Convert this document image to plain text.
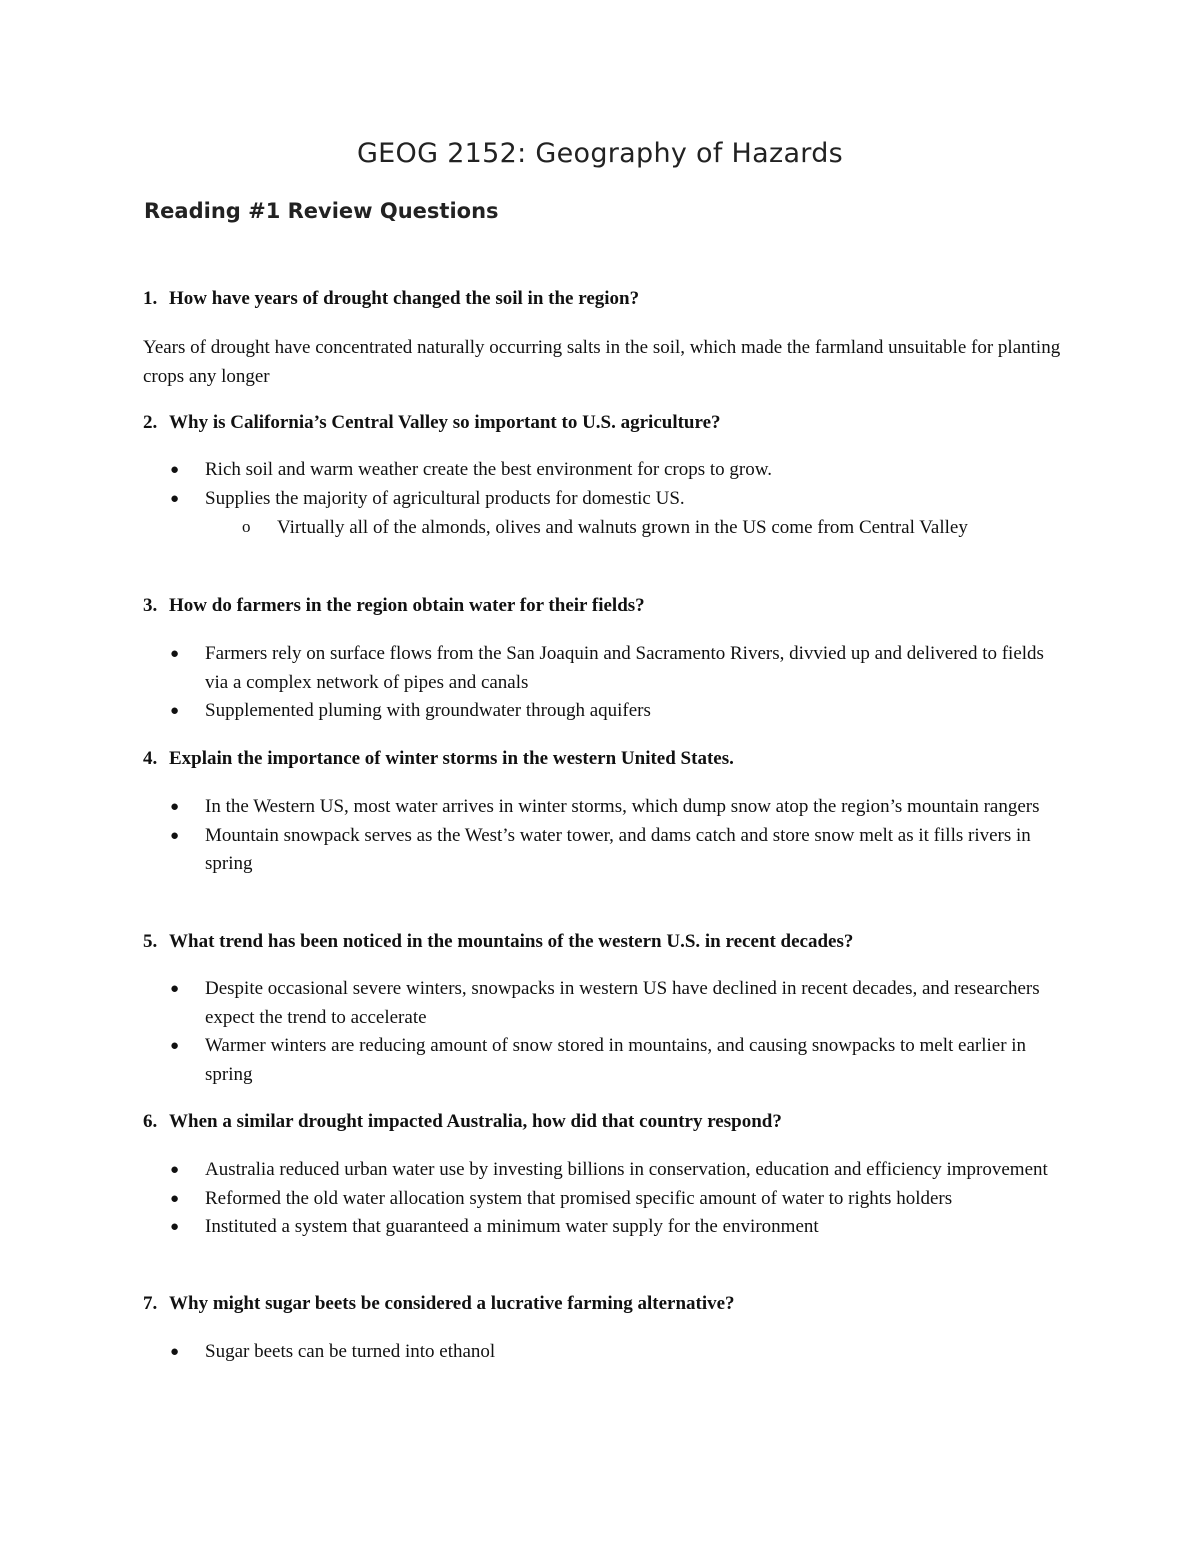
GEOG 2152: Geography of Hazards
Reading #1 Review Questions
1. How have years of drought changed the soil in the region?
Years of drought have concentrated naturally occurring salts in the soil, which made the farmland unsuitable for planting crops any longer
2. Why is California’s Central Valley so important to U.S. agriculture?
● Rich soil and warm weather create the best environment for crops to grow.
● Supplies the majority of agricultural products for domestic US.
o Virtually all of the almonds, olives and walnuts grown in the US come from Central Valley
3. How do farmers in the region obtain water for their fields?
● Farmers rely on surface flows from the San Joaquin and Sacramento Rivers, divvied up and delivered to fields via a complex network of pipes and canals
● Supplemented pluming with groundwater through aquifers
4. Explain the importance of winter storms in the western United States.
● In the Western US, most water arrives in winter storms, which dump snow atop the region’s mountain rangers
● Mountain snowpack serves as the West’s water tower, and dams catch and store snow melt as it fills rivers in spring
5. What trend has been noticed in the mountains of the western U.S. in recent decades?
● Despite occasional severe winters, snowpacks in western US have declined in recent decades, and researchers expect the trend to accelerate
● Warmer winters are reducing amount of snow stored in mountains, and causing snowpacks to melt earlier in spring
6. When a similar drought impacted Australia, how did that country respond?
● Australia reduced urban water use by investing billions in conservation, education and efficiency improvement
● Reformed the old water allocation system that promised specific amount of water to rights holders
● Instituted a system that guaranteed a minimum water supply for the environment
7. Why might sugar beets be considered a lucrative farming alternative?
● Sugar beets can be turned into ethanol
